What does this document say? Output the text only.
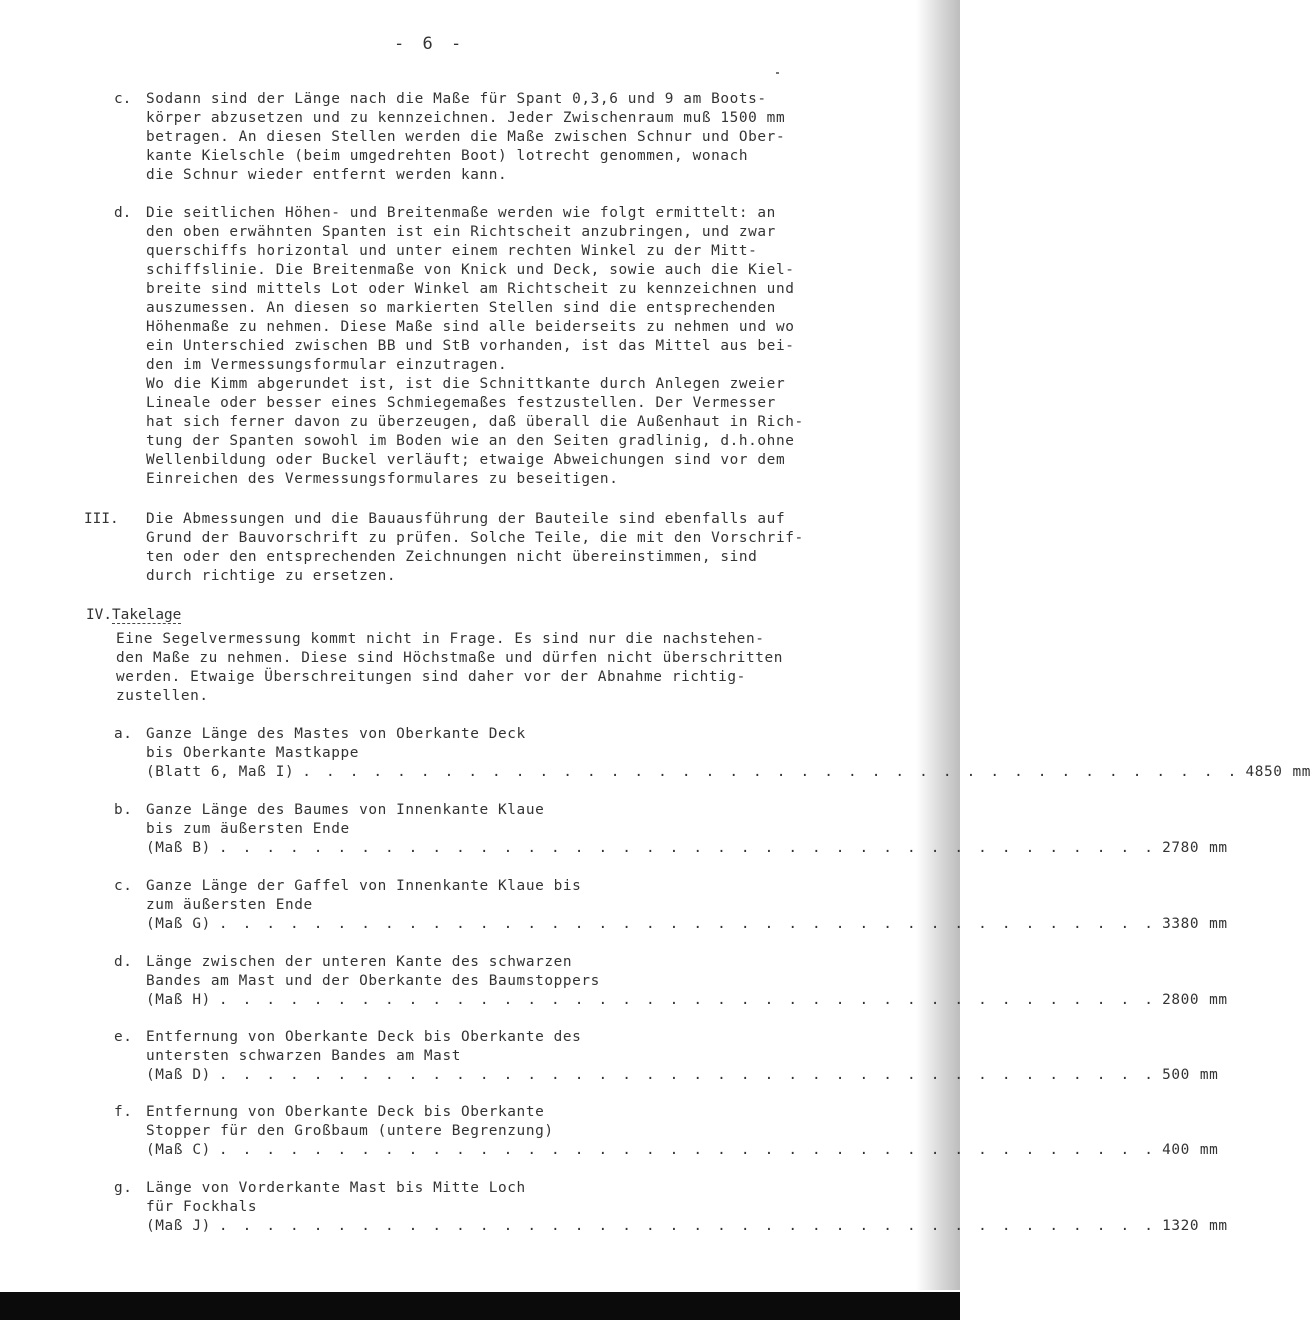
- 6 -
c. Sodann sind der Länge nach die Maße für Spant 0,3,6 und 9 am Boots-
körper abzusetzen und zu kennzeichnen. Jeder Zwischenraum muß 1500 mm
betragen. An diesen Stellen werden die Maße zwischen Schnur und Ober-
kante Kielschle (beim umgedrehten Boot) lotrecht genommen, wonach
die Schnur wieder entfernt werden kann.
d. Die seitlichen Höhen- und Breitenmaße werden wie folgt ermittelt: an
den oben erwähnten Spanten ist ein Richtscheit anzubringen, und zwar
querschiffs horizontal und unter einem rechten Winkel zu der Mitt-
schiffslinie. Die Breitenmaße von Knick und Deck, sowie auch die Kiel-
breite sind mittels Lot oder Winkel am Richtscheit zu kennzeichnen und
auszumessen. An diesen so markierten Stellen sind die entsprechenden
Höhenmaße zu nehmen. Diese Maße sind alle beiderseits zu nehmen und wo
ein Unterschied zwischen BB und StB vorhanden, ist das Mittel aus bei-
den im Vermessungsformular einzutragen.
Wo die Kimm abgerundet ist, ist die Schnittkante durch Anlegen zweier
Lineale oder besser eines Schmiegemaßes festzustellen. Der Vermesser
hat sich ferner davon zu überzeugen, daß überall die Außenhaut in Rich-
tung der Spanten sowohl im Boden wie an den Seiten gradlinig, d.h.ohne
Wellenbildung oder Buckel verläuft; etwaige Abweichungen sind vor dem
Einreichen des Vermessungsformulares zu beseitigen.
III. Die Abmessungen und die Bauausführung der Bauteile sind ebenfalls auf
Grund der Bauvorschrift zu prüfen. Solche Teile, die mit den Vorschrif-
ten oder den entsprechenden Zeichnungen nicht übereinstimmen, sind
durch richtige zu ersetzen.
IV.Takelage
Eine Segelvermessung kommt nicht in Frage. Es sind nur die nachstehen-
den Maße zu nehmen. Diese sind Höchstmaße und dürfen nicht überschritten
werden. Etwaige Überschreitungen sind daher vor der Abnahme richtig-
zustellen.
a. Ganze Länge des Mastes von Oberkante Deck
bis Oberkante Mastkappe
(Blatt 6, Maß I) . . . . . . . . . . . . . . . . . . . . . . . . . . . . . . . . . . . . . . . . 4850 mm
b. Ganze Länge des Baumes von Innenkante Klaue
bis zum äußersten Ende
(Maß B) . . . . . . . . . . . . . . . . . . . . . . . . . . . . . . . . . . . . . . . . 2780 mm
c. Ganze Länge der Gaffel von Innenkante Klaue bis
zum äußersten Ende
(Maß G) . . . . . . . . . . . . . . . . . . . . . . . . . . . . . . . . . . . . . . . . 3380 mm
d. Länge zwischen der unteren Kante des schwarzen
Bandes am Mast und der Oberkante des Baumstoppers
(Maß H) . . . . . . . . . . . . . . . . . . . . . . . . . . . . . . . . . . . . . . . . 2800 mm
e. Entfernung von Oberkante Deck bis Oberkante des
untersten schwarzen Bandes am Mast
(Maß D) . . . . . . . . . . . . . . . . . . . . . . . . . . . . . . . . . . . . . . . . 500 mm
f. Entfernung von Oberkante Deck bis Oberkante
Stopper für den Großbaum (untere Begrenzung)
(Maß C) . . . . . . . . . . . . . . . . . . . . . . . . . . . . . . . . . . . . . . . . 400 mm
g. Länge von Vorderkante Mast bis Mitte Loch
für Fockhals
(Maß J) . . . . . . . . . . . . . . . . . . . . . . . . . . . . . . . . . . . . . . . . 1320 mm
